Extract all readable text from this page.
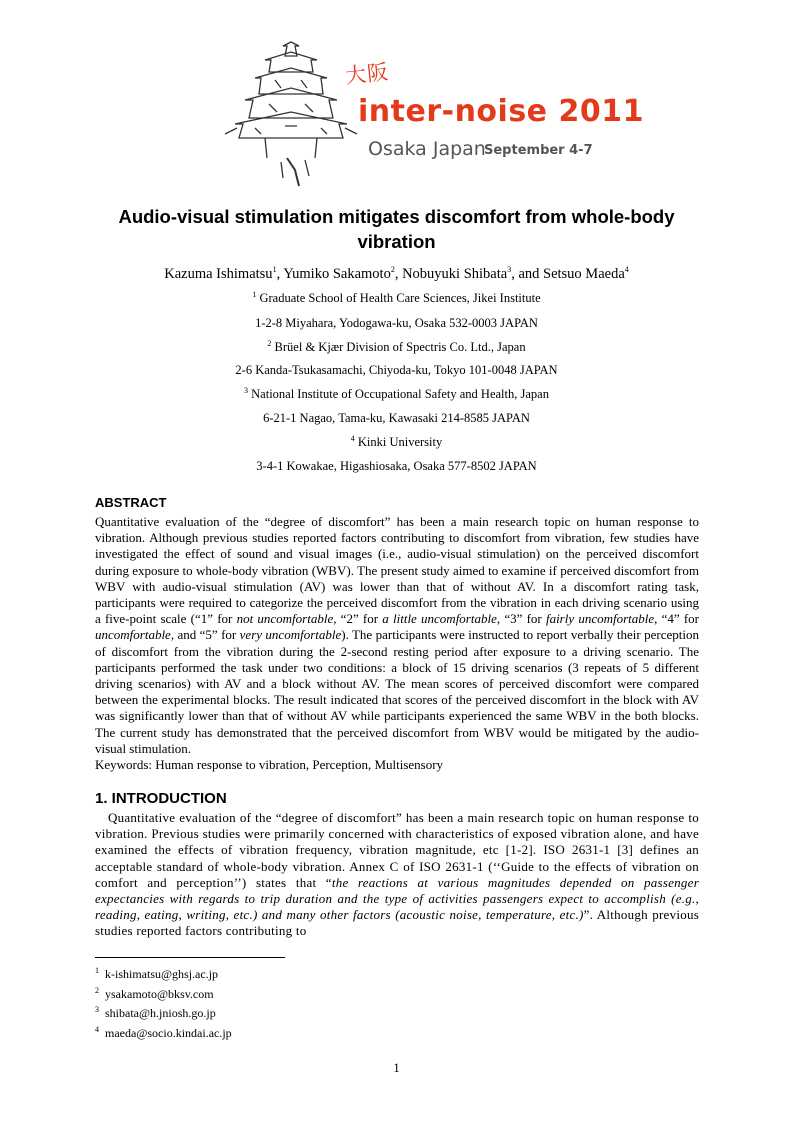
大阪
inter-noise 2011
Osaka Japan
September 4-7
Audio-visual stimulation mitigates discomfort from whole-body vibration
Kazuma Ishimatsu$^1$, Yumiko Sakamoto$^2$, Nobuyuki Shibata$^3$, and Setsuo Maeda$^4$
$^1$ Graduate School of Health Care Sciences, Jikei Institute
1-2-8 Miyahara, Yodogawa-ku, Osaka 532-0003 JAPAN
$^2$ Brüel & Kjær Division of Spectris Co. Ltd., Japan
2-6 Kanda-Tsukasamachi, Chiyoda-ku, Tokyo 101-0048 JAPAN
$^3$ National Institute of Occupational Safety and Health, Japan
6-21-1 Nagao, Tama-ku, Kawasaki 214-8585 JAPAN
$^4$ Kinki University
3-4-1 Kowakae, Higashiosaka, Osaka 577-8502 JAPAN
ABSTRACT
Quantitative evaluation of the “degree of discomfort” has been a main research topic on human response to vibration. Although previous studies reported factors contributing to discomfort from vibration, few studies have investigated the effect of sound and visual images (i.e., audio-visual stimulation) on the perceived discomfort during exposure to whole-body vibration (WBV). The present study aimed to examine if perceived discomfort from WBV with audio-visual stimulation (AV) was lower than that of without AV. In a discomfort rating task, participants were required to categorize the perceived discomfort from the vibration in each driving scenario using a five-point scale (“1” for not uncomfortable, “2” for a little uncomfortable, “3” for fairly uncomfortable, “4” for uncomfortable, and “5” for very uncomfortable). The participants were instructed to report verbally their perception of discomfort from the vibration during the 2-second resting period after exposure to a driving scenario. The participants performed the task under two conditions: a block of 15 driving scenarios (3 repeats of 5 different driving scenarios) with AV and a block without AV. The mean scores of perceived discomfort were compared between the experimental blocks. The result indicated that scores of the perceived discomfort in the block with AV was significantly lower than that of without AV while participants experienced the same WBV in the both blocks. The current study has demonstrated that the perceived discomfort from WBV would be mitigated by the audio-visual stimulation.
Keywords: Human response to vibration, Perception, Multisensory
1. INTRODUCTION
Quantitative evaluation of the “degree of discomfort” has been a main research topic on human response to vibration. Previous studies were primarily concerned with characteristics of exposed vibration alone, and have examined the effects of vibration frequency, vibration magnitude, etc [1-2]. ISO 2631-1 [3] defines an acceptable standard of whole-body vibration. Annex C of ISO 2631-1 (‘‘Guide to the effects of vibration on comfort and perception’’) states that “the reactions at various magnitudes depended on passenger expectancies with regards to trip duration and the type of activities passengers expect to accomplish (e.g., reading, eating, writing, etc.) and many other factors (acoustic noise, temperature, etc.)”. Although previous studies reported factors contributing to
$^1$ k-ishimatsu@ghsj.ac.jp
$^2$ ysakamoto@bksv.com
$^3$ shibata@h.jniosh.go.jp
$^4$ maeda@socio.kindai.ac.jp
1
